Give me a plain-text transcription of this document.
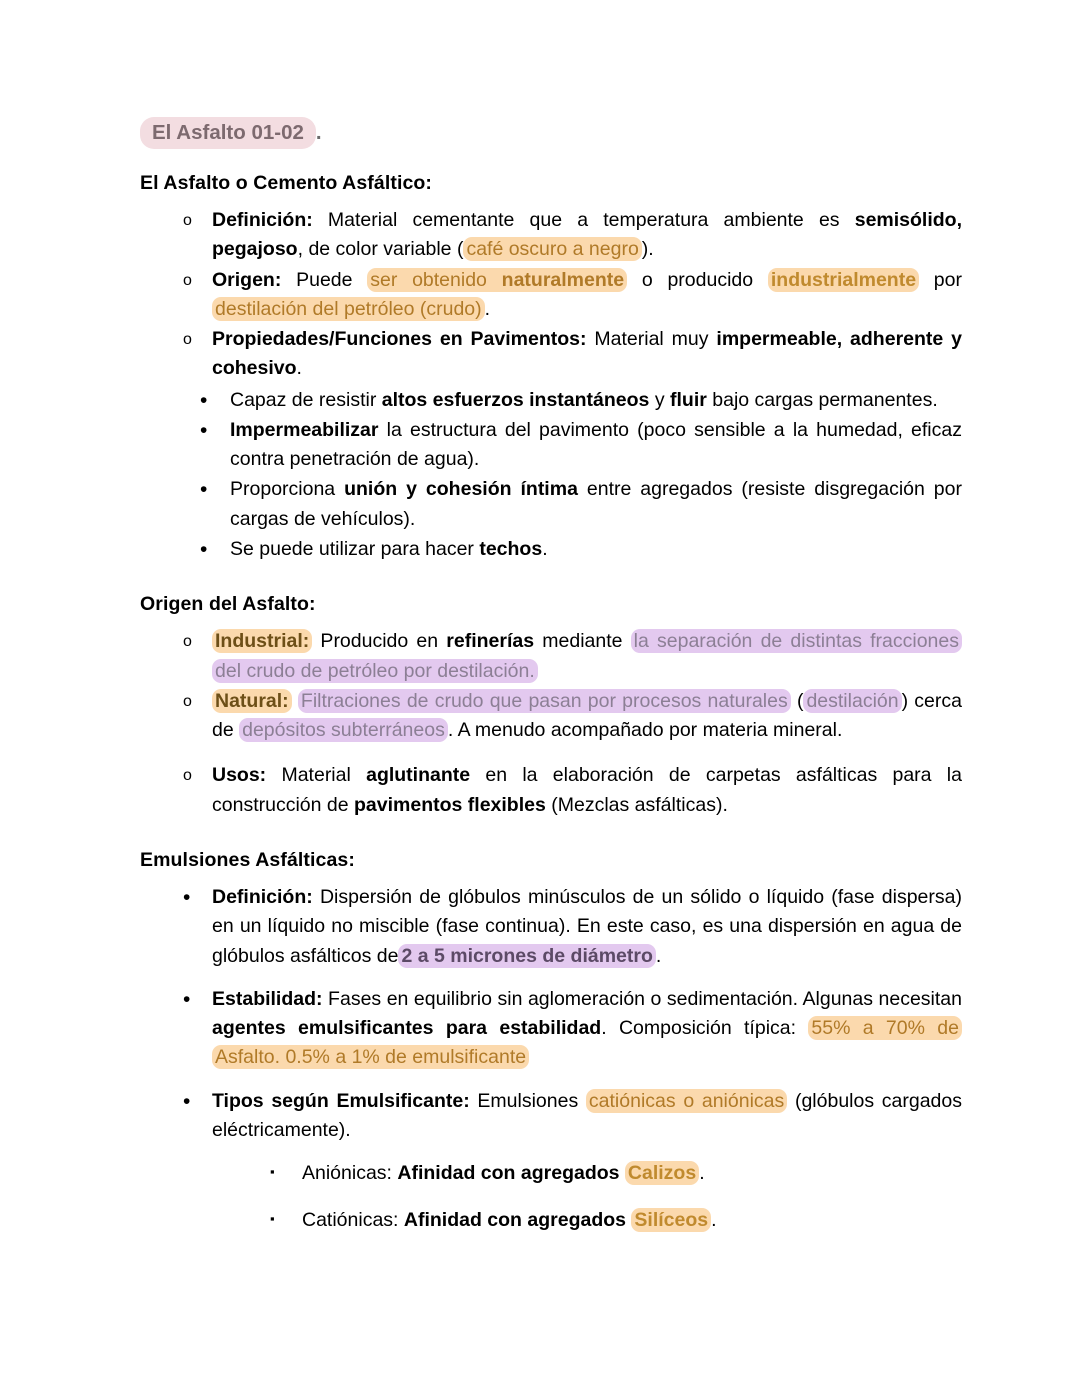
El Asfalto 01-02 .
El Asfalto o Cemento Asfáltico:
o	Definición: Material cementante que a temperatura ambiente es semisólido, pegajoso, de color variable ( café oscuro a negro ).
o	Origen: Puede ser obtenido naturalmente o producido industrialmente por destilación del petróleo (crudo) .
o	Propiedades/Funciones en Pavimentos: Material muy impermeable, adherente y cohesivo.
•	Capaz de resistir altos esfuerzos instantáneos y fluir bajo cargas permanentes.
•	Impermeabilizar la estructura del pavimento (poco sensible a la humedad, eficaz contra penetración de agua).
•	Proporciona unión y cohesión íntima entre agregados (resiste disgregación por cargas de vehículos).
•	Se puede utilizar para hacer techos.
Origen del Asfalto:
o	Industrial: Producido en refinerías mediante la separación de distintas fracciones del crudo de petróleo por destilación.
o	Natural: Filtraciones de crudo que pasan por procesos naturales ( destilación ) cerca de depósitos subterráneos . A menudo acompañado por materia mineral.
o	Usos: Material aglutinante en la elaboración de carpetas asfálticas para la construcción de pavimentos flexibles (Mezclas asfálticas).
Emulsiones Asfálticas:
•	Definición: Dispersión de glóbulos minúsculos de un sólido o líquido (fase dispersa) en un líquido no miscible (fase continua). En este caso, es una dispersión en agua de glóbulos asfálticos de 2 a 5 micrones de diámetro .
•	Estabilidad: Fases en equilibrio sin aglomeración o sedimentación. Algunas necesitan agentes emulsificantes para estabilidad. Composición típica: 55% a 70% de Asfalto. 0.5% a 1% de emulsificante
•	Tipos según Emulsificante: Emulsiones catiónicas o aniónicas (glóbulos cargados eléctricamente).
▪	Aniónicas: Afinidad con agregados Calizos .
▪	Catiónicas: Afinidad con agregados Silíceos .
